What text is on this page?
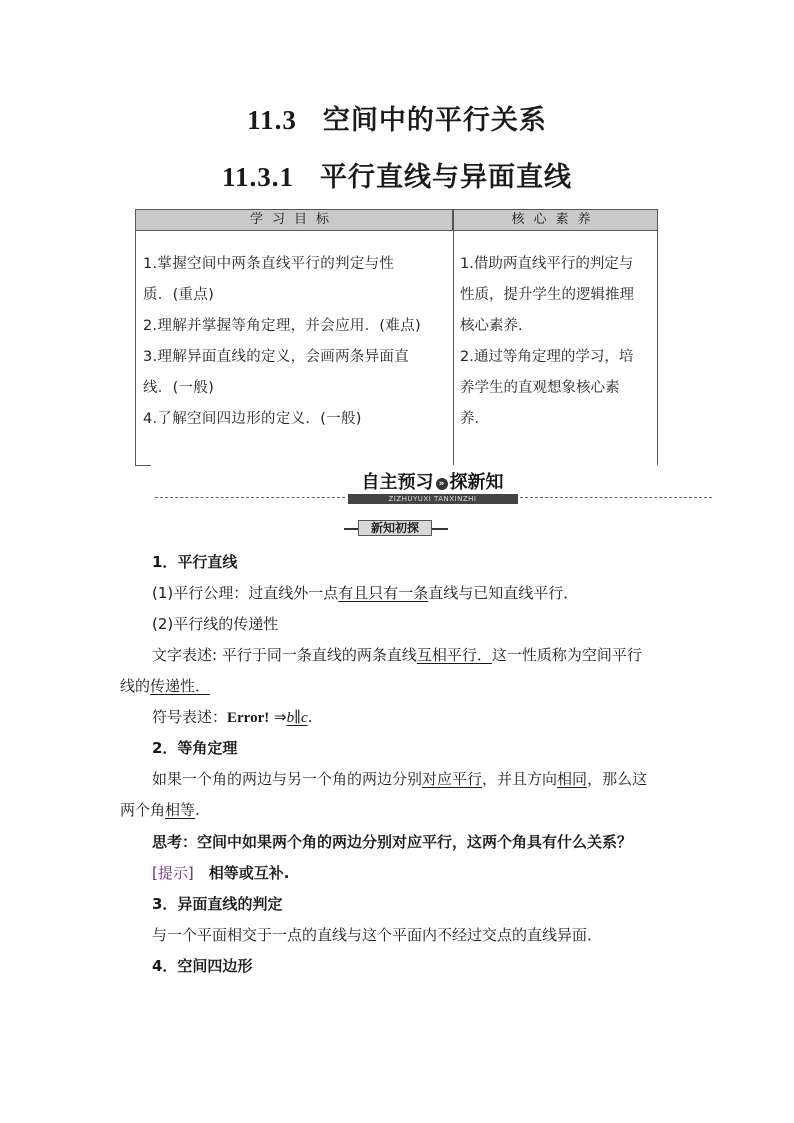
11.3 空间中的平行关系
11.3.1 平行直线与异面直线
学习目标	核心素养
1.掌握空间中两条直线平行的判定与性
质．(重点)
2.理解并掌握等角定理，并会应用．(难点)
3.理解异面直线的定义，会画两条异面直
线．(一般)
4.了解空间四边形的定义．(一般)
1.借助两直线平行的判定与
性质，提升学生的逻辑推理
核心素养.
2.通过等角定理的学习，培
养学生的直观想象核心素
养.
自主预习 » 探新知
ZIZHUYUXI TANXINZHI
新知初探
1．平行直线
(1)平行公理：过直线外一点有且只有一条直线与已知直线平行．
(2)平行线的传递性
文字表述: 平行于同一条直线的两条直线互相平行．这一性质称为空间平行
线的传递性．
符号表述：Error! ⇒b∥c.
2．等角定理
如果一个角的两边与另一个角的两边分别对应平行，并且方向相同，那么这
两个角相等.
思考：空间中如果两个角的两边分别对应平行，这两个角具有什么关系？
[提示]　相等或互补.
3．异面直线的判定
与一个平面相交于一点的直线与这个平面内不经过交点的直线异面．
4．空间四边形
